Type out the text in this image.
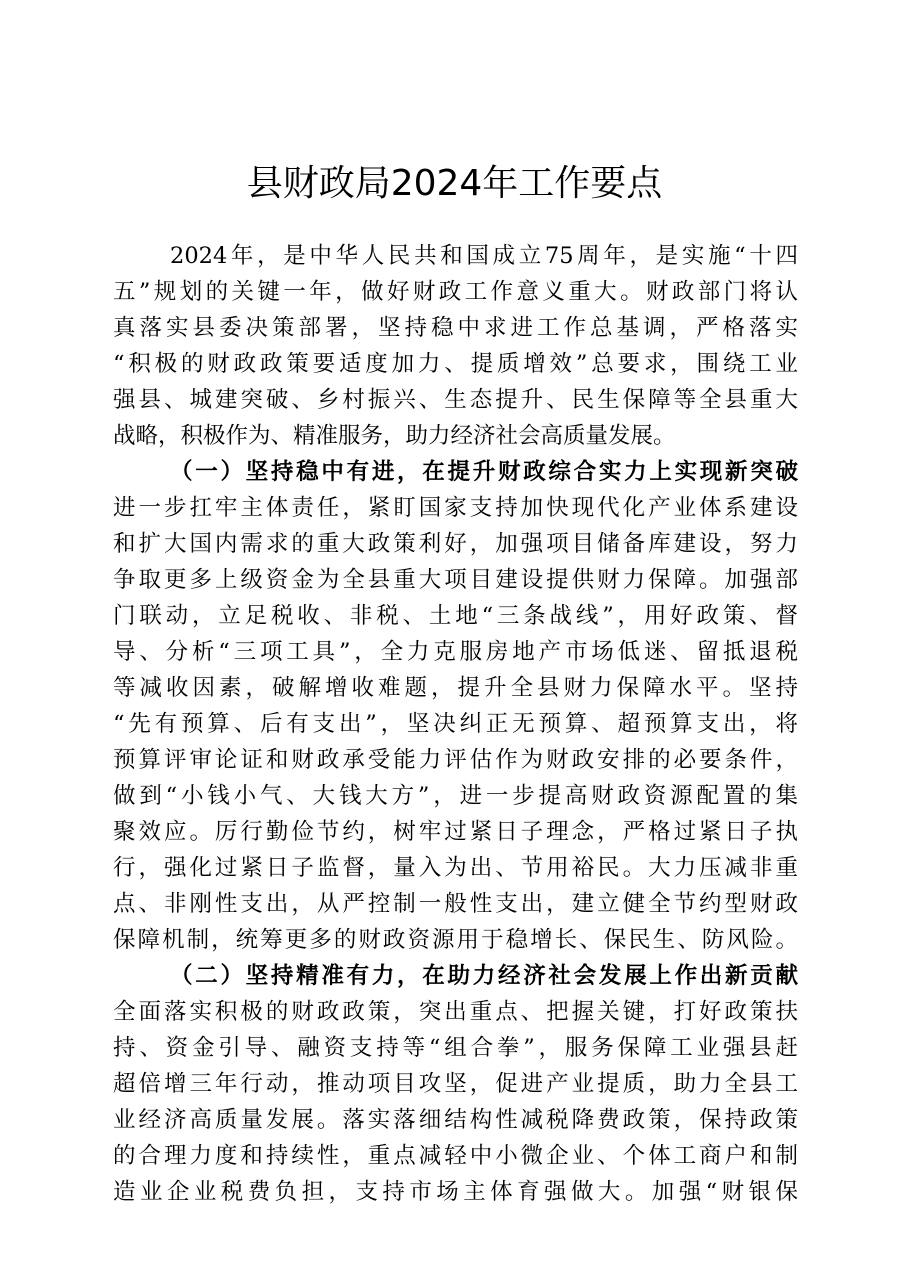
县财政局2024年工作要点

2024年，是中华人民共和国成立75周年，是实施“十四

五”规划的关键一年，做好财政工作意义重大。财政部门将认

真落实县委决策部署，坚持稳中求进工作总基调，严格落实

“积极的财政政策要适度加力、提质增效”总要求，围绕工业

强县、城建突破、乡村振兴、生态提升、民生保障等全县重大

战略，积极作为、精准服务，助力经济社会高质量发展。

（一）坚持稳中有进，在提升财政综合实力上实现新突破

进一步扛牢主体责任，紧盯国家支持加快现代化产业体系建设

和扩大国内需求的重大政策利好，加强项目储备库建设，努力

争取更多上级资金为全县重大项目建设提供财力保障。加强部

门联动，立足税收、非税、土地“三条战线”，用好政策、督

导、分析“三项工具”，全力克服房地产市场低迷、留抵退税

等减收因素，破解增收难题，提升全县财力保障水平。坚持

“先有预算、后有支出”，坚决纠正无预算、超预算支出，将

预算评审论证和财政承受能力评估作为财政安排的必要条件，

做到“小钱小气、大钱大方”，进一步提高财政资源配置的集

聚效应。厉行勤俭节约，树牢过紧日子理念，严格过紧日子执

行，强化过紧日子监督，量入为出、节用裕民。大力压减非重

点、非刚性支出，从严控制一般性支出，建立健全节约型财政

保障机制，统筹更多的财政资源用于稳增长、保民生、防风险。

（二）坚持精准有力，在助力经济社会发展上作出新贡献

全面落实积极的财政政策，突出重点、把握关键，打好政策扶

持、资金引导、融资支持等“组合拳”，服务保障工业强县赶

超倍增三年行动，推动项目攻坚，促进产业提质，助力全县工

业经济高质量发展。落实落细结构性减税降费政策，保持政策

的合理力度和持续性，重点减轻中小微企业、个体工商户和制

造业企业税费负担，支持市场主体育强做大。加强“财银保
